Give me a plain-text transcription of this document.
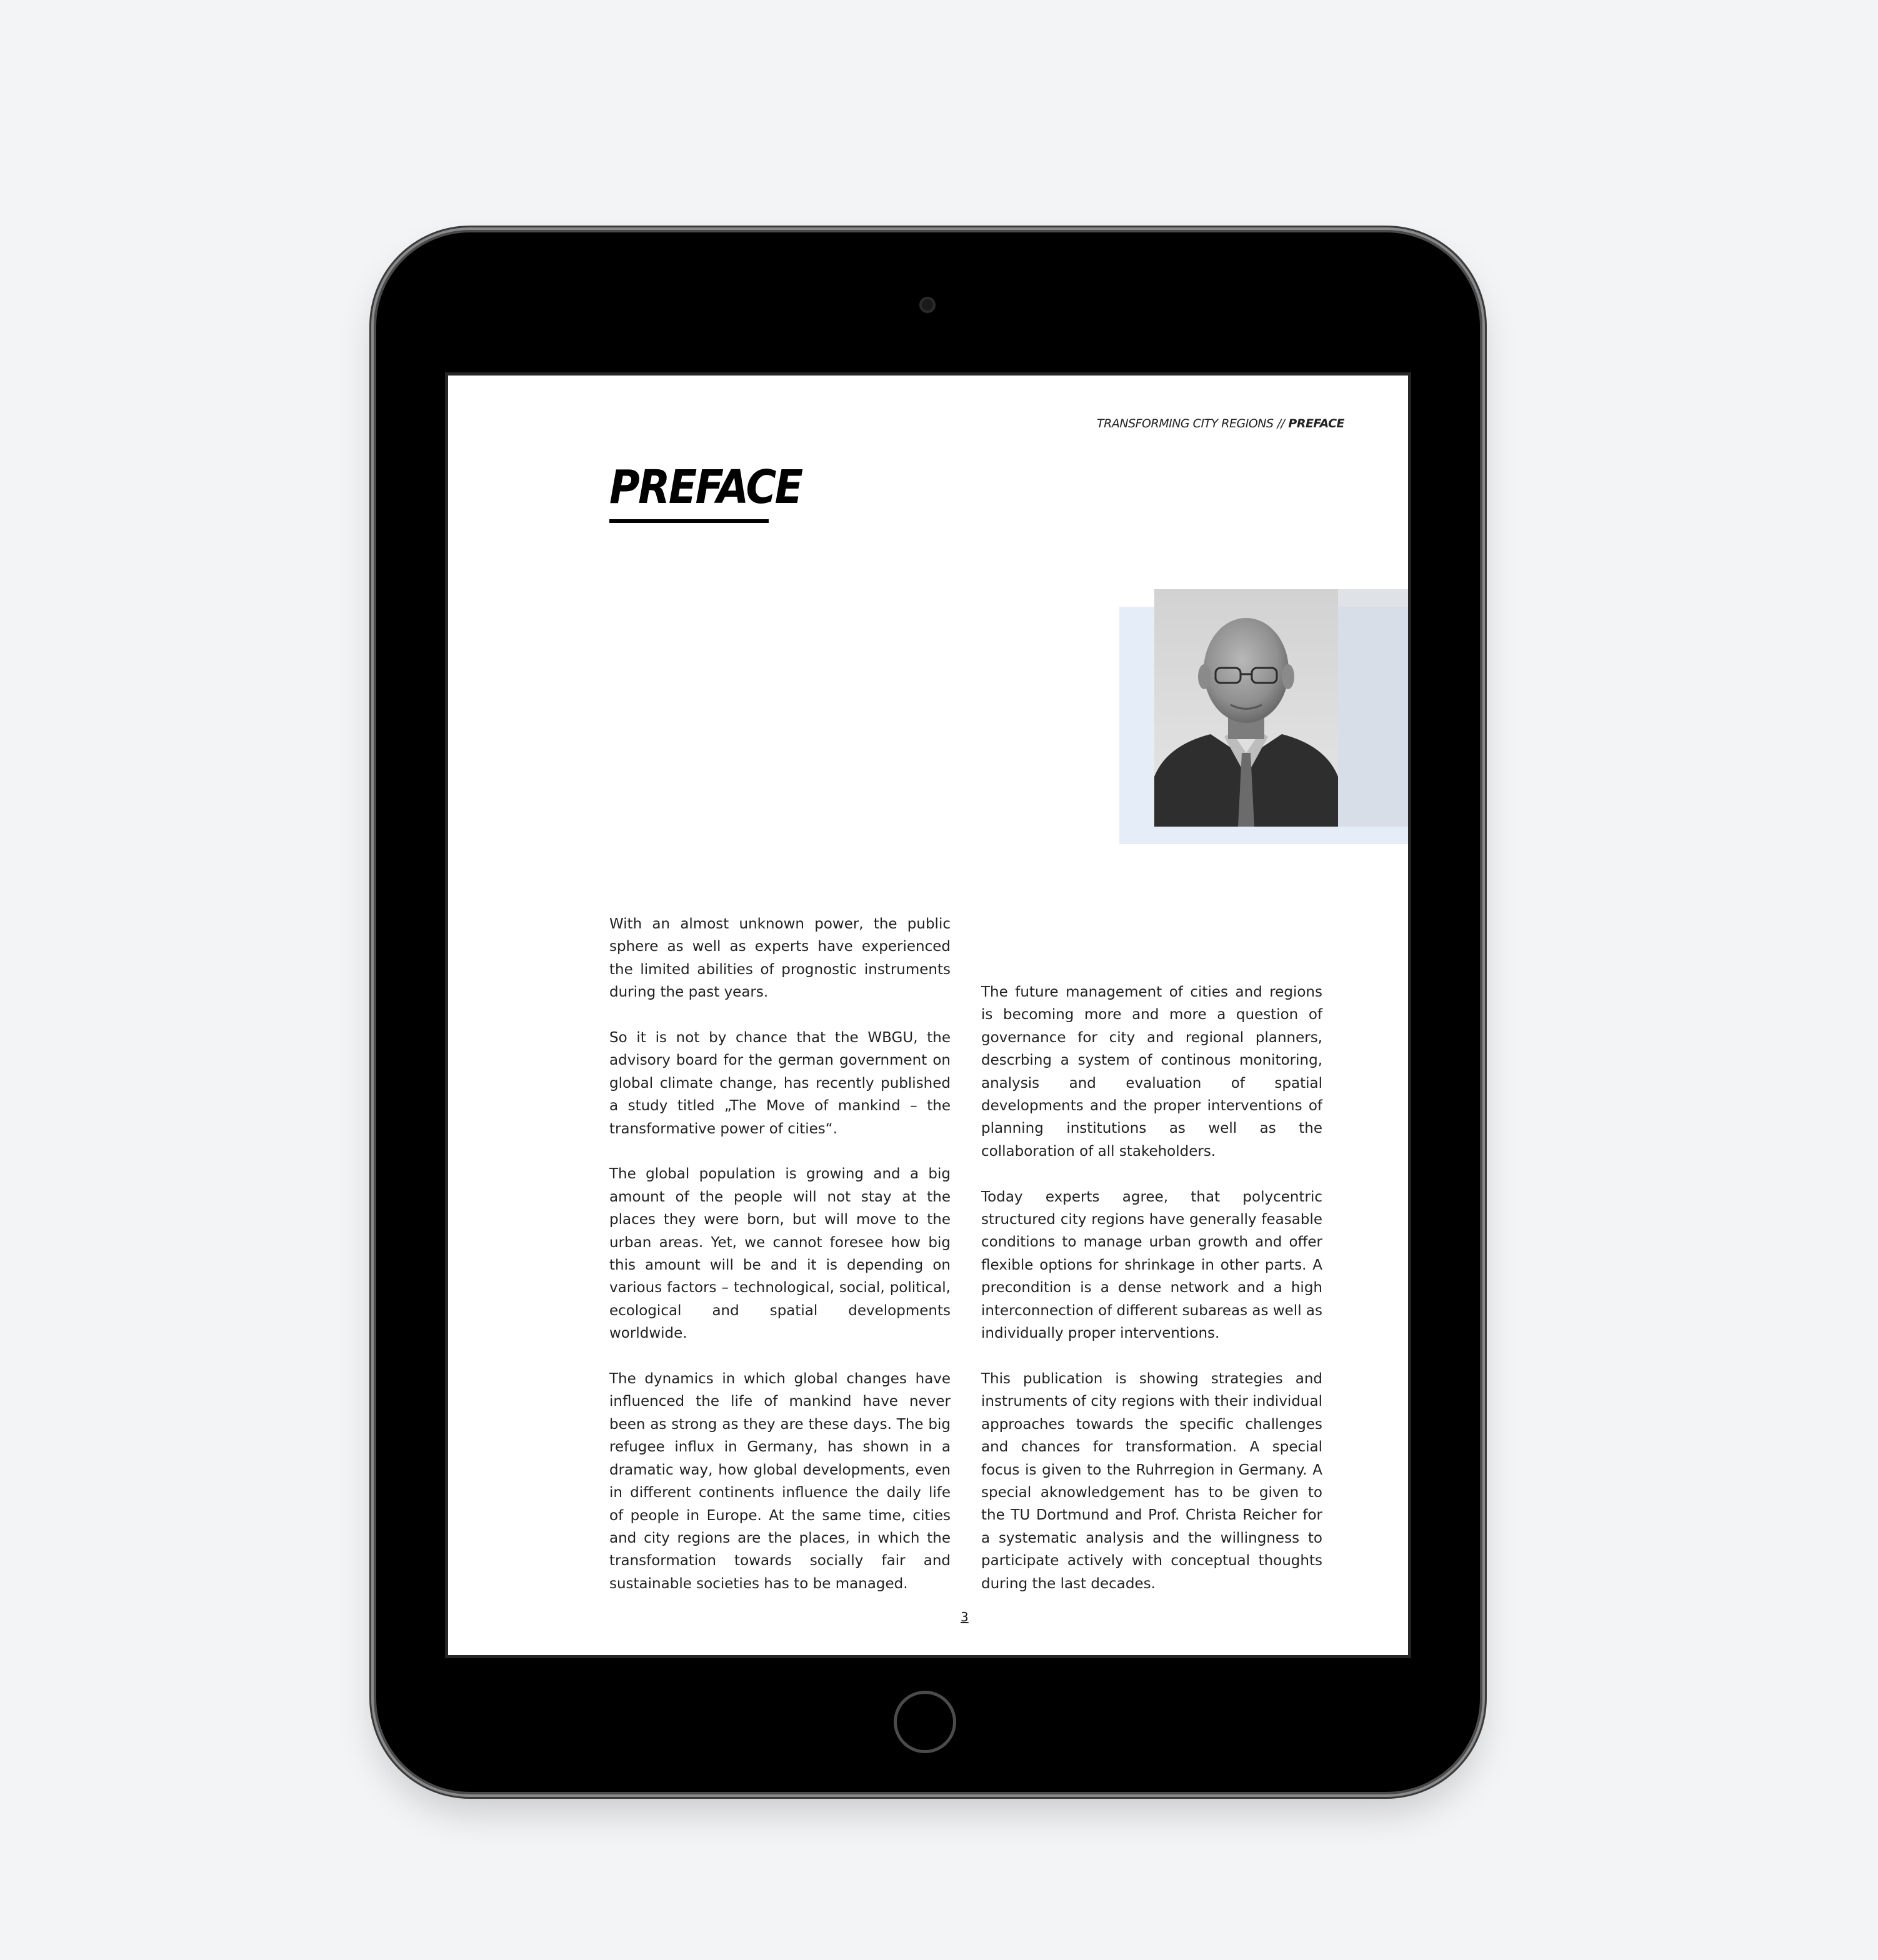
TRANSFORMING CITY REGIONS // PREFACE
PREFACE

With an almost unknown power, the public sphere as well as experts have experienced the limited abilities of prognostic instruments during the past years.

So it is not by chance that the WBGU, the advisory board for the german government on global climate change, has recently published a study titled „The Move of mankind – the transformative power of cities“.

The global population is growing and a big amount of the people will not stay at the places they were born, but will move to the urban areas. Yet, we cannot foresee how big this amount will be and it is depending on various factors – technological, social, political, ecological and spatial developments worldwide.

The dynamics in which global changes have influenced the life of mankind have never been as strong as they are these days. The big refugee influx in Germany, has shown in a dramatic way, how global developments, even in different continents influence the daily life of people in Europe. At the same time, cities and city regions are the places, in which the transformation towards socially fair and sustainable societies has to be managed.

The future management of cities and regions is becoming more and more a question of governance for city and regional planners, descrbing a system of continous monitoring, analysis and evaluation of spatial developments and the proper interventions of planning institutions as well as the collaboration of all stakeholders.

Today experts agree, that polycentric structured city regions have generally feasable conditions to manage urban growth and offer flexible options for shrinkage in other parts. A precondition is a dense network and a high interconnection of different subareas as well as individually proper interventions.

This publication is showing strategies and instruments of city regions with their individual approaches towards the specific challenges and chances for transformation. A special focus is given to the Ruhrregion in Germany. A special aknowledgement has to be given to the TU Dortmund and Prof. Christa Reicher for a systematic analysis and the willingness to participate actively with conceptual thoughts during the last decades.

3
